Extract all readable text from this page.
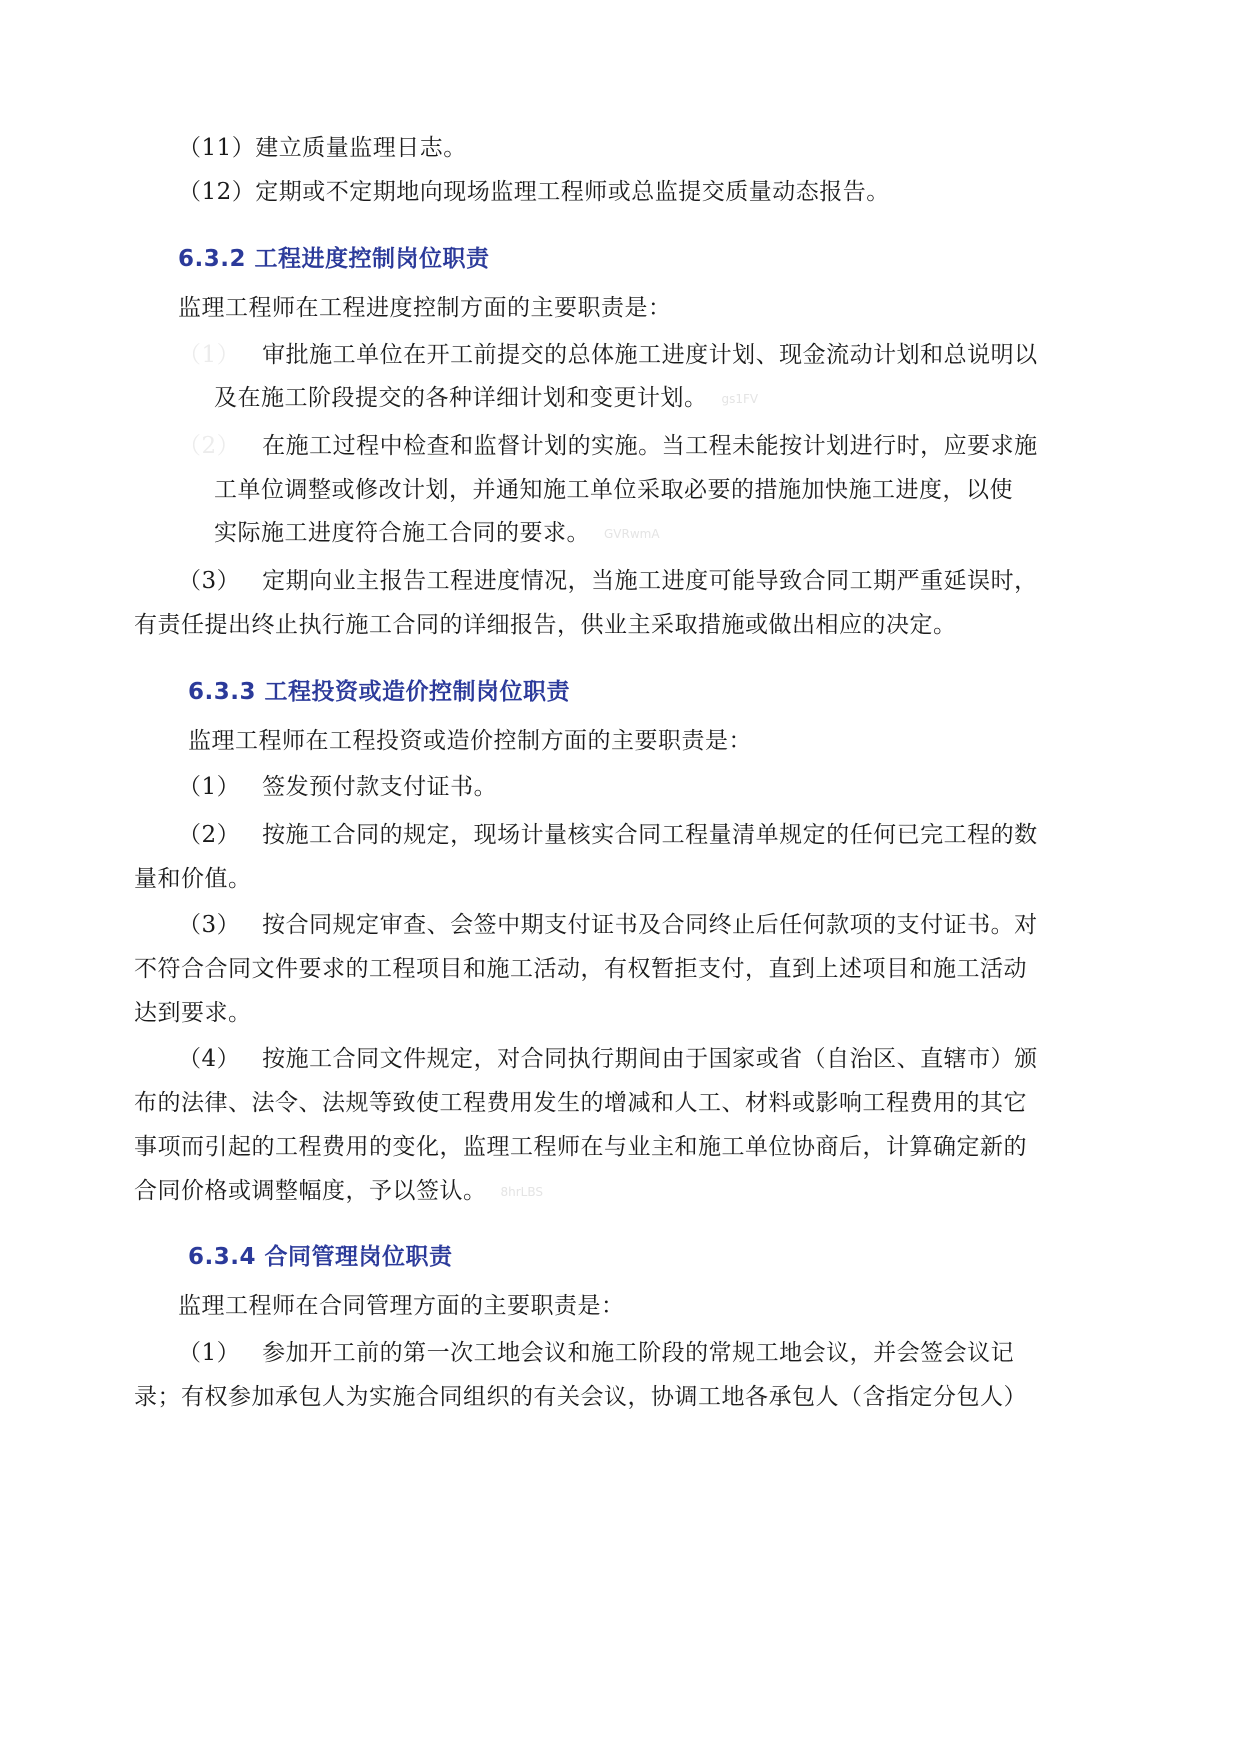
（11）建立质量监理日志。
（12）定期或不定期地向现场监理工程师或总监提交质量动态报告。
6.3.2 工程进度控制岗位职责
监理工程师在工程进度控制方面的主要职责是：
（1） 审批施工单位在开工前提交的总体施工进度计划、现金流动计划和总说明以
及在施工阶段提交的各种详细计划和变更计划。 gs1FV
（2） 在施工过程中检查和监督计划的实施。当工程未能按计划进行时，应要求施
工单位调整或修改计划，并通知施工单位采取必要的措施加快施工进度，以使
实际施工进度符合施工合同的要求。 GVRwmA
（3） 定期向业主报告工程进度情况，当施工进度可能导致合同工期严重延误时，
有责任提出终止执行施工合同的详细报告，供业主采取措施或做出相应的决定。
6.3.3 工程投资或造价控制岗位职责
监理工程师在工程投资或造价控制方面的主要职责是：
（1） 签发预付款支付证书。
（2） 按施工合同的规定，现场计量核实合同工程量清单规定的任何已完工程的数
量和价值。
（3） 按合同规定审查、会签中期支付证书及合同终止后任何款项的支付证书。对
不符合合同文件要求的工程项目和施工活动，有权暂拒支付，直到上述项目和施工活动
达到要求。
（4） 按施工合同文件规定，对合同执行期间由于国家或省（自治区、直辖市）颁
布的法律、法令、法规等致使工程费用发生的增减和人工、材料或影响工程费用的其它
事项而引起的工程费用的变化，监理工程师在与业主和施工单位协商后，计算确定新的
合同价格或调整幅度，予以签认。 8hrLBS
6.3.4 合同管理岗位职责
监理工程师在合同管理方面的主要职责是：
（1） 参加开工前的第一次工地会议和施工阶段的常规工地会议，并会签会议记
录；有权参加承包人为实施合同组织的有关会议，协调工地各承包人（含指定分包人）
